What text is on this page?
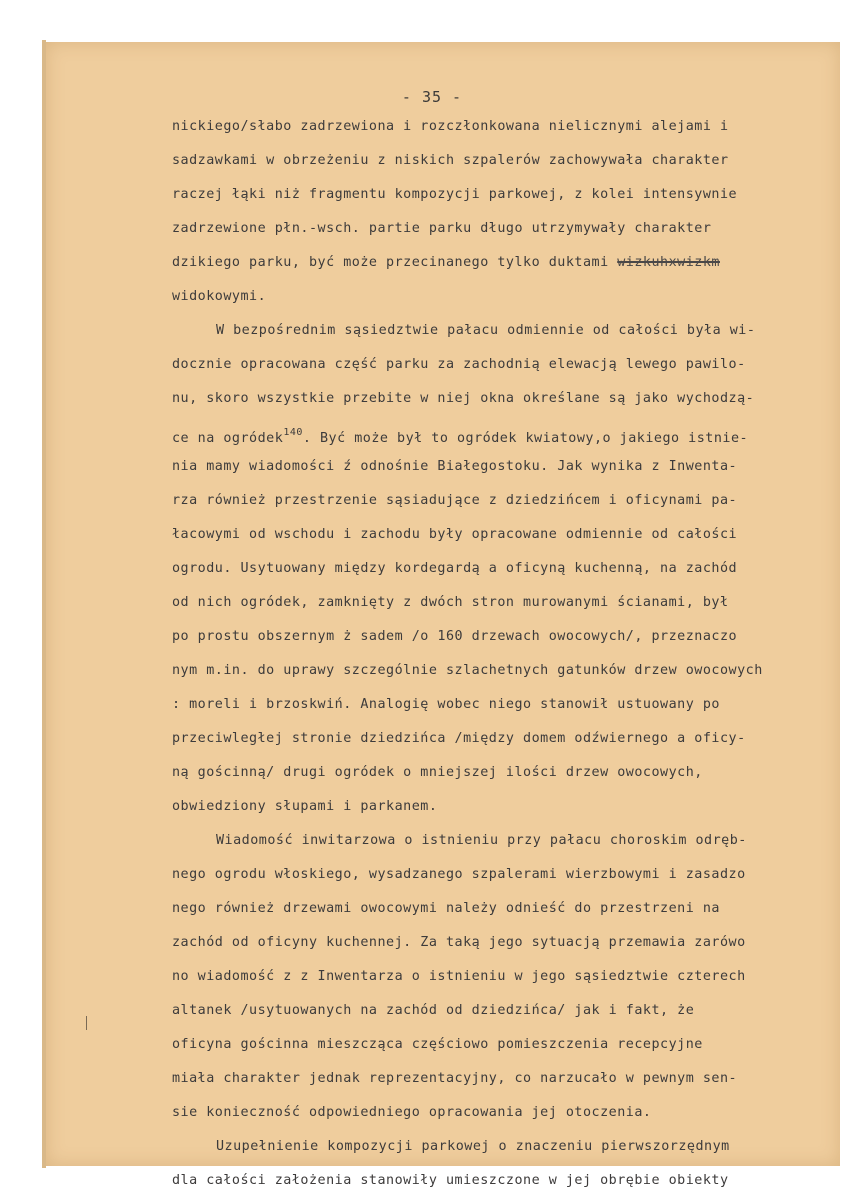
- 35 -
nickiego/słabo zadrzewiona i rozczłonkowana nielicznymi alejami i
sadzawkami w obrzeżeniu z niskich szpalerów zachowywała charakter
raczej łąki niż fragmentu kompozycji parkowej, z kolei intensywnie
zadrzewione płn.-wsch. partie parku długo utrzymywały charakter
dzikiego parku, być może przecinanego tylko duktami wizkuhxwizkm
widokowymi.
W bezpośrednim sąsiedztwie pałacu odmiennie od całości była wi-
docznie opracowana część parku za zachodnią elewacją lewego pawilo-
nu, skoro wszystkie przebite w niej okna określane są jako wychodzą-
ce na ogródek$^{140}$. Być może był to ogródek kwiatowy,o jakiego istnie-
nia mamy wiadomości ź odnośnie Białegostoku. Jak wynika z Inwenta-
rza również przestrzenie sąsiadujące z dziedzińcem i oficynami pa-
łacowymi od wschodu i zachodu były opracowane odmiennie od całości
ogrodu. Usytuowany między kordegardą a oficyną kuchenną, na zachód
od nich ogródek, zamknięty z dwóch stron murowanymi ścianami, był
po prostu obszernym ż sadem /o 160 drzewach owocowych/, przeznaczo
nym m.in. do uprawy szczególnie szlachetnych gatunków drzew owocowych
: moreli i brzoskwiń. Analogię wobec niego stanowił ustuowany po
przeciwległej stronie dziedzińca /między domem odźwiernego a oficy-
ną gościnną/ drugi ogródek o mniejszej ilości drzew owocowych,
obwiedziony słupami i parkanem.
Wiadomość inwitarzowa o istnieniu przy pałacu choroskim odręb-
nego ogrodu włoskiego, wysadzanego szpalerami wierzbowymi i zasadzo
nego również drzewami owocowymi należy odnieść do przestrzeni na
zachód od oficyny kuchennej. Za taką jego sytuacją przemawia zarówo
no wiadomość z z Inwentarza o istnieniu w jego sąsiedztwie czterech
altanek /usytuowanych na zachód od dziedzińca/ jak i fakt, że
oficyna gościnna mieszcząca częściowo pomieszczenia recepcyjne
miała charakter jednak reprezentacyjny, co narzucało w pewnym sen-
sie konieczność odpowiedniego opracowania jej otoczenia.
Uzupełnienie kompozycji parkowej o znaczeniu pierwszorzędnym
dla całości założenia stanowiły umieszczone w jej obrębie obiekty
